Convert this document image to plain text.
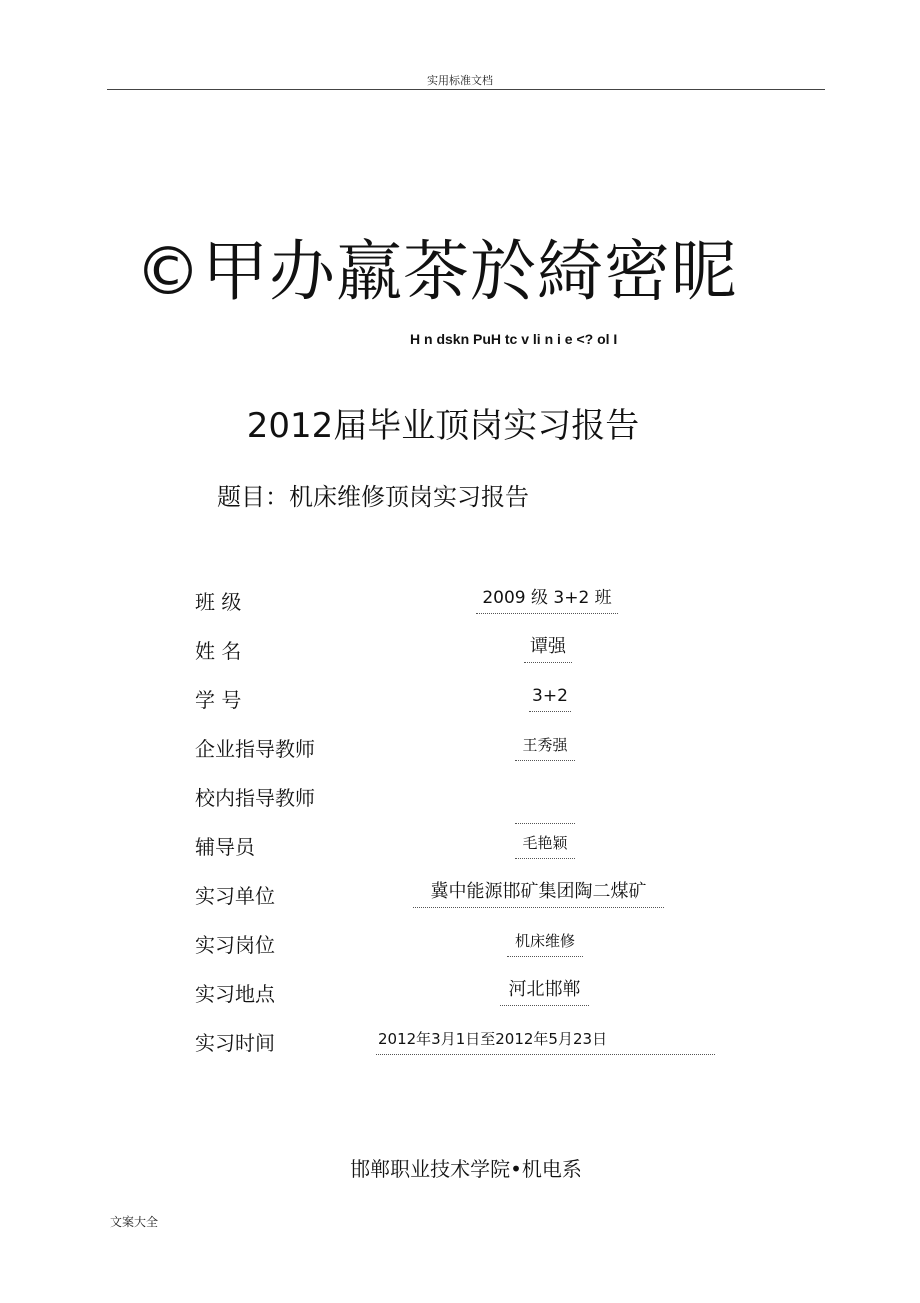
实用标准文档
©甲办羸茶於綺密昵
H n dskn PuH tc v li n i e <? ol I
2012届毕业顶岗实习报告
题目：机床维修顶岗实习报告
班 级	2009 级 3+2 班
姓 名	谭强
学 号	3+2
企业指导教师	王秀强
校内指导教师
辅导员	毛艳颖
实习单位	冀中能源邯矿集团陶二煤矿
实习岗位	机床维修
实习地点	河北邯郸
实习时间	2012年3月1日至2012年5月23日
邯郸职业技术学院•机电系
文案大全
